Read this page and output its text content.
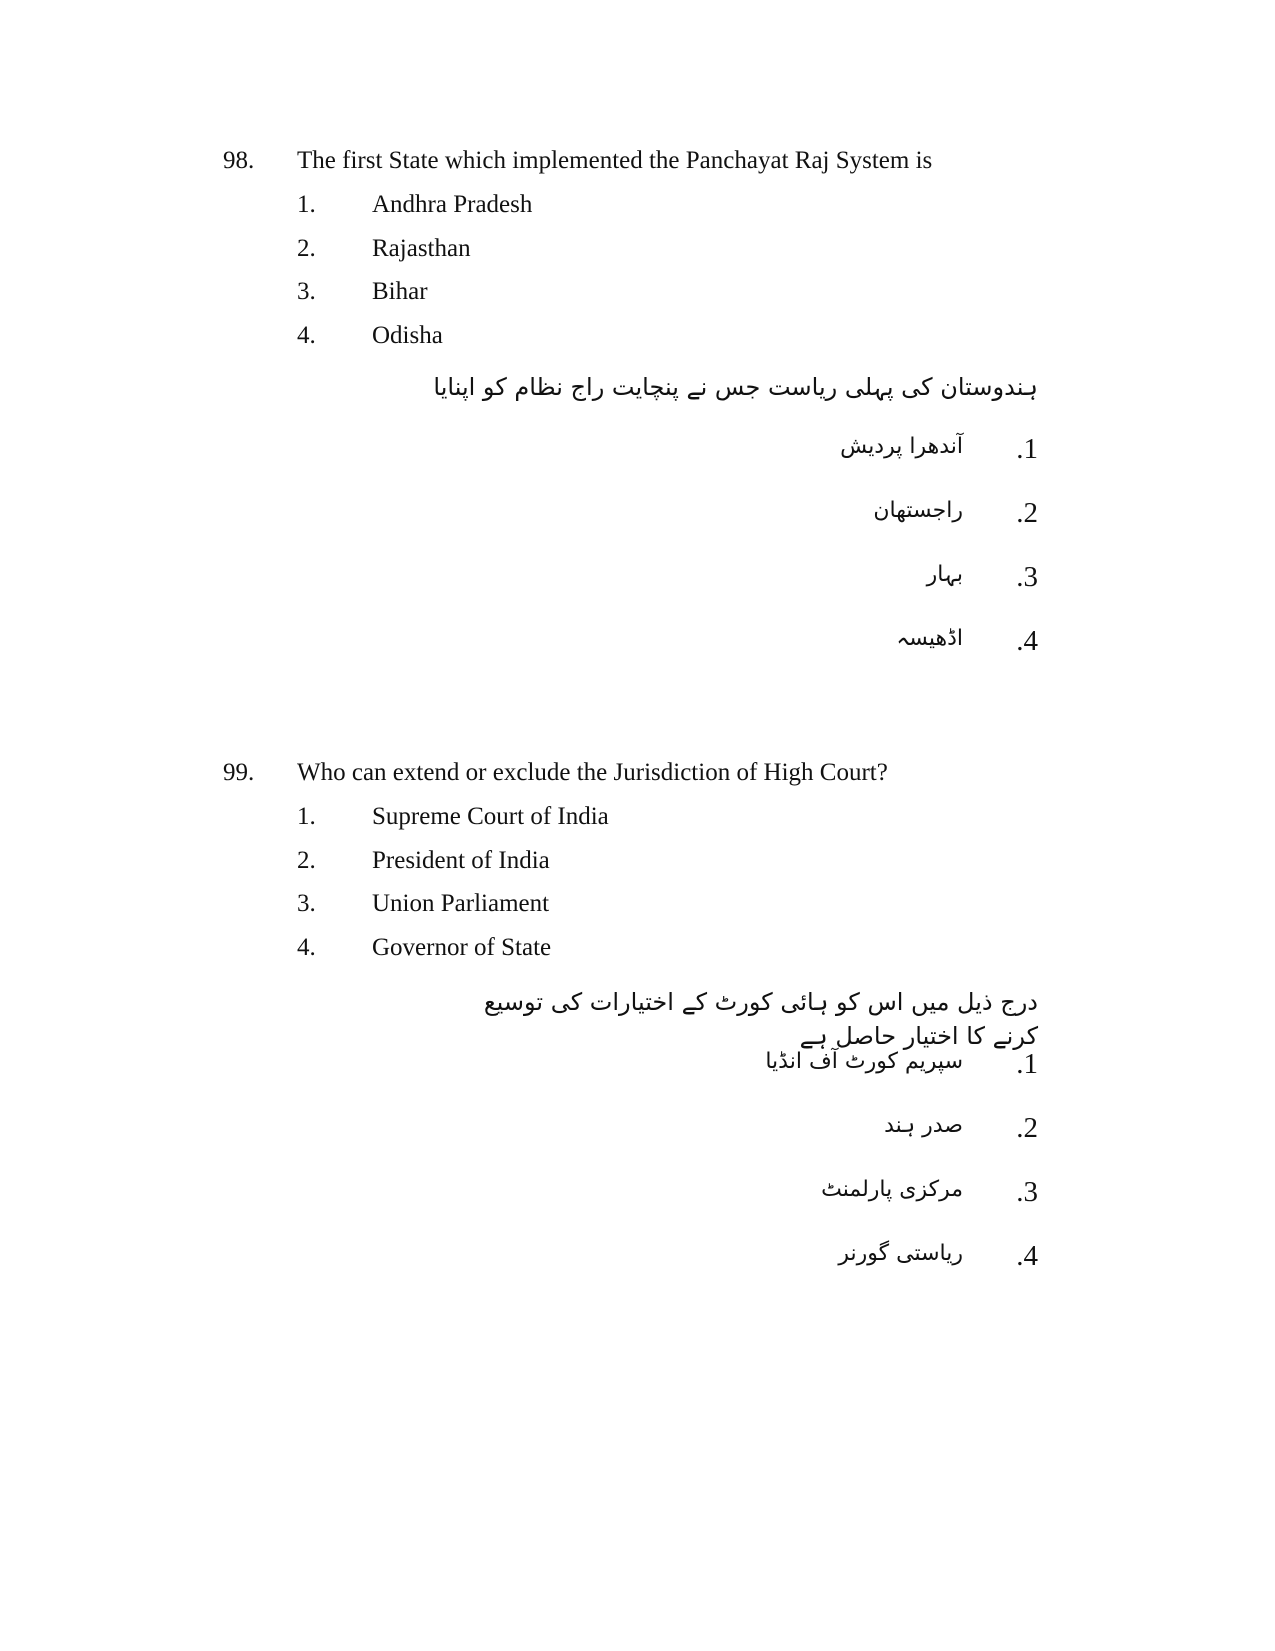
98. The first State which implemented the Panchayat Raj System is
1. Andhra Pradesh
2. Rajasthan
3. Bihar
4. Odisha
ہندوستان کی پہلی ریاست جس نے پنچایت راج نظام کو اپنایا
.1
آندھرا پردیش
.2
راجستھان
.3
بہار
.4
اڈھیسہ
99. Who can extend or exclude the Jurisdiction of High Court?
1. Supreme Court of India
2. President of India
3. Union Parliament
4. Governor of State
درج ذیل میں اس کو ہائی کورٹ کے اختیارات کی توسیع کرنے کا اختیار حاصل ہے
.1
سپریم کورٹ آف انڈیا
.2
صدر ہند
.3
مرکزی پارلمنٹ
.4
ریاستی گورنر
